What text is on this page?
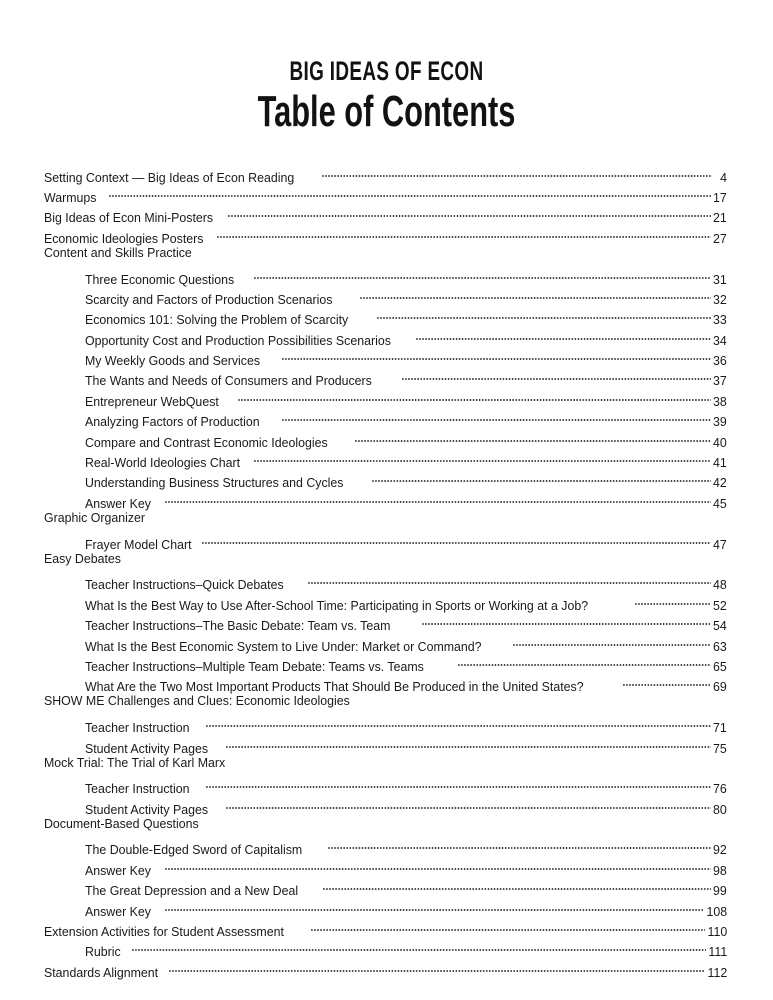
BIG IDEAS OF ECON
Table of Contents
Setting Context — Big Ideas of Econ Reading	4
Warmups	17
Big Ideas of Econ Mini-Posters	21
Economic Ideologies Posters	27
Content and Skills Practice
Three Economic Questions	31
Scarcity and Factors of Production Scenarios	32
Economics 101: Solving the Problem of Scarcity	33
Opportunity Cost and Production Possibilities Scenarios	34
My Weekly Goods and Services	36
The Wants and Needs of Consumers and Producers	37
Entrepreneur WebQuest	38
Analyzing Factors of Production	39
Compare and Contrast Economic Ideologies	40
Real-World Ideologies Chart	41
Understanding Business Structures and Cycles	42
Answer Key	45
Graphic Organizer
Frayer Model Chart	47
Easy Debates
Teacher Instructions–Quick Debates	48
What Is the Best Way to Use After-School Time: Participating in Sports or Working at a Job?	52
Teacher Instructions–The Basic Debate: Team vs. Team	54
What Is the Best Economic System to Live Under: Market or Command?	63
Teacher Instructions–Multiple Team Debate: Teams vs. Teams	65
What Are the Two Most Important Products That Should Be Produced in the United States?	69
SHOW ME Challenges and Clues: Economic Ideologies
Teacher Instruction	71
Student Activity Pages	75
Mock Trial: The Trial of Karl Marx
Teacher Instruction	76
Student Activity Pages	80
Document-Based Questions
The Double-Edged Sword of Capitalism	92
Answer Key	98
The Great Depression and a New Deal	99
Answer Key	108
Extension Activities for Student Assessment	110
Rubric	111
Standards Alignment	112
